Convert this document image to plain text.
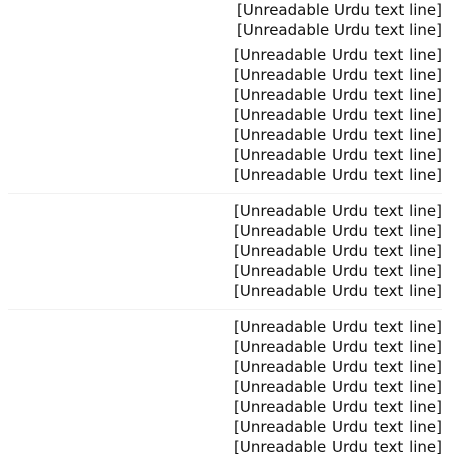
[Unreadable Urdu text line]
[Unreadable Urdu text line]
[Unreadable Urdu text line]
[Unreadable Urdu text line]
[Unreadable Urdu text line]
[Unreadable Urdu text line]
[Unreadable Urdu text line]
[Unreadable Urdu text line]
[Unreadable Urdu text line]
[Unreadable Urdu text line]
[Unreadable Urdu text line]
[Unreadable Urdu text line]
[Unreadable Urdu text line]
[Unreadable Urdu text line]
[Unreadable Urdu text line]
[Unreadable Urdu text line]
[Unreadable Urdu text line]
[Unreadable Urdu text line]
[Unreadable Urdu text line]
[Unreadable Urdu text line]
[Unreadable Urdu text line]
